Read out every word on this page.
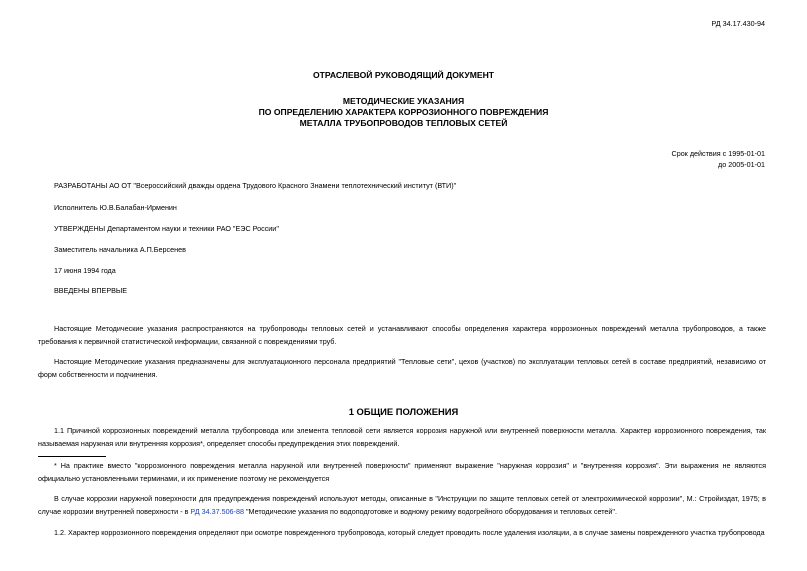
РД 34.17.430-94
ОТРАСЛЕВОЙ РУКОВОДЯЩИЙ ДОКУМЕНТ
МЕТОДИЧЕСКИЕ УКАЗАНИЯ
ПО ОПРЕДЕЛЕНИЮ ХАРАКТЕРА КОРРОЗИОННОГО ПОВРЕЖДЕНИЯ
МЕТАЛЛА ТРУБОПРОВОДОВ ТЕПЛОВЫХ СЕТЕЙ
Срок действия с 1995-01-01
до 2005-01-01
РАЗРАБОТАНЫ АО ОТ "Всероссийский дважды ордена Трудового Красного Знамени теплотехнический институт (ВТИ)"
Исполнитель Ю.В.Балабан-Ирменин
УТВЕРЖДЕНЫ Департаментом науки и техники РАО "ЕЭС России"
Заместитель начальника А.П.Берсенев
17 июня 1994 года
ВВЕДЕНЫ ВПЕРВЫЕ
Настоящие Методические указания распространяются на трубопроводы тепловых сетей и устанавливают способы определения характера коррозионных повреждений металла трубопроводов, а также требования к первичной статистической информации, связанной с повреждениями труб.
Настоящие Методические указания предназначены для эксплуатационного персонала предприятий "Тепловые сети", цехов (участков) по эксплуатации тепловых сетей в составе предприятий, независимо от форм собственности и подчинения.
1 ОБЩИЕ ПОЛОЖЕНИЯ
1.1 Причиной коррозионных повреждений металла трубопровода или элемента тепловой сети является коррозия наружной или внутренней поверхности металла. Характер коррозионного повреждения, так называемая наружная или внутренняя коррозия*, определяет способы предупреждения этих повреждений.
* На практике вместо "коррозионного повреждения металла наружной или внутренней поверхности" применяют выражение "наружная коррозия" и "внутренняя коррозия". Эти выражения не являются официально установленными терминами, и их применение поэтому не рекомендуется
В случае коррозии наружной поверхности для предупреждения повреждений используют методы, описанные в "Инструкции по защите тепловых сетей от электрохимической коррозии", М.: Стройиздат, 1975; в случае коррозии внутренней поверхности - в РД 34.37.506-88 "Методические указания по водоподготовке и водному режиму водогрейного оборудования и тепловых сетей".
1.2. Характер коррозионного повреждения определяют при осмотре поврежденного трубопровода, который следует проводить после удаления изоляции, а в случае замены поврежденного участка трубопровода
